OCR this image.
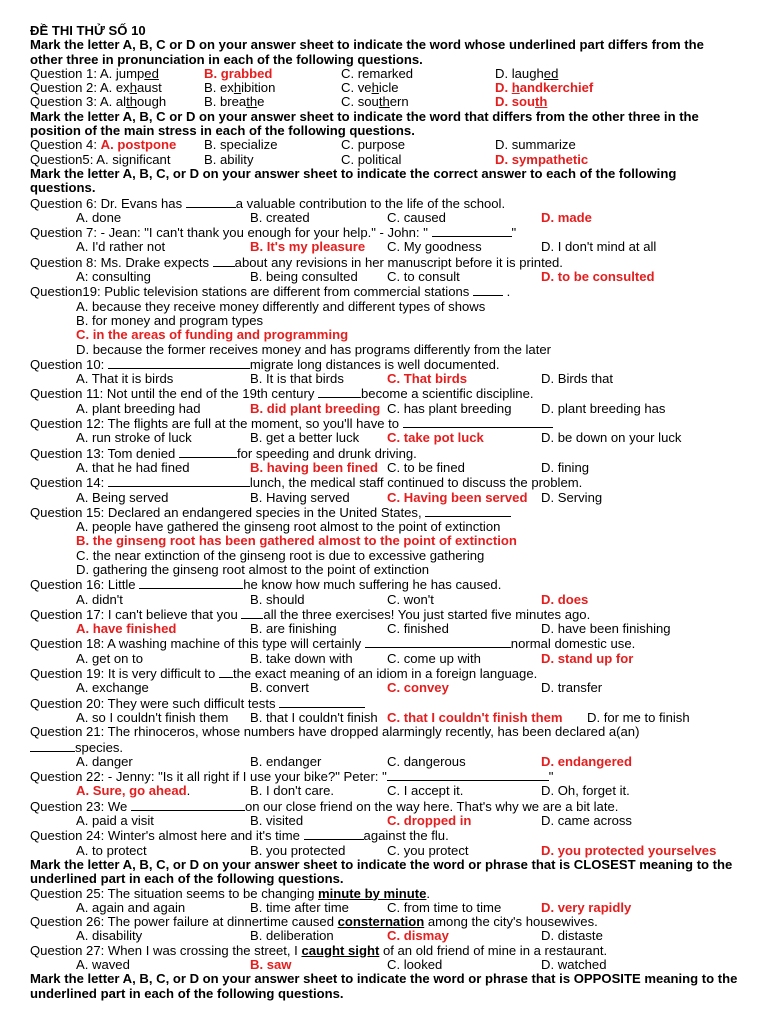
ĐỀ THI THỬ SỐ 10
Mark the letter A, B, C or D on your answer sheet to indicate the word whose underlined part differs from the other three in pronunciation in each of the following questions.
Question 1: A. jumped	B. grabbed	C. remarked	D. laughed
Question 2: A. exhaust	B. exhibition	C. vehicle	D. handkerchief
Question 3: A. although	B. breathe	C. southern	D. south
Mark the letter A, B, C or D on your answer sheet to indicate the word that differs from the other three in the position of the main stress in each of the following questions.
Question 4: A. postpone	B. specialize	C. purpose	D. summarize
Question5: A. significant	B. ability	C. political	D. sympathetic
Mark the letter A, B, C, or D on your answer sheet to indicate the correct answer to each of the following questions.
Question 6: Dr. Evans has	a valuable contribution to the life of the school.
A. done	B. created	C. caused	D. made
Question 7: - Jean: "I can't thank you enough for your help." - John: "	"
A. I'd rather not	B. It's my pleasure	C. My goodness	D. I don't mind at all
Question 8: Ms. Drake expects about any revisions in her manuscript before it is printed.
A: consulting	B. being consulted	C. to consult	D. to be consulted
Question19: Public television stations are different from commercial stations  .
A. because they receive money differently and different types of shows
B. for money and program types
C. in the areas of funding and programming
D. because the former receives money and has programs differently from the later
Question 10:	migrate long distances is well documented.
A. That it is birds	B. It is that birds	C. That birds	D. Birds that
Question 11: Not until the end of the 19th century	become a scientific discipline.
A. plant breeding had	B. did plant breeding C. has plant breeding	D. plant breeding has
Question 12: The flights are full at the moment, so you'll have to
A. run stroke of luck	B. get a better luck	C. take pot luck	D. be down on your luck
Question 13: Tom denied	for speeding and drunk driving.
A. that he had fined	B. having been fined C. to be fined	D. fining
Question 14:	lunch, the medical staff continued to discuss the problem.
A. Being served	B. Having served	C. Having been served	D. Serving
Question 15: Declared an endangered species in the United States,
A. people have gathered the ginseng root almost to the point of extinction
B. the ginseng root has been gathered almost to the point of extinction
C. the near extinction of the ginseng root is due to excessive gathering
D. gathering the ginseng root almost to the point of extinction
Question 16: Little	he know how much suffering he has caused.
A. didn't	B. should	C. won't	D. does
Question 17: I can't believe that you all the three exercises! You just started five minutes ago.
A. have finished	B. are finishing	C. finished	D. have been finishing
Question 18: A washing machine of this type will certainly	normal domestic use.
A. get on to	B. take down with	C. come up with	D. stand up for
Question 19: It is very difficult to the exact meaning of an idiom in a foreign language.
A. exchange	B. convert	C. convey	D. transfer
Question 20: They were such difficult tests
A. so I couldn't finish them	B. that I couldn't finish C. that I couldn't finish them	D. for me to finish
Question 21: The rhinoceros, whose numbers have dropped alarmingly recently, has been declared a(an)
species.
A. danger	B. endanger	C. dangerous	D. endangered
Question 22: - Jenny: "Is it all right if I use your bike?" Peter: "	"
A. Sure, go ahead.	B. I don't care.	C. I accept it.	D. Oh, forget it.
Question 23: We	on our close friend on the way here. That's why we are a bit late.
A. paid a visit	B. visited	C. dropped in	D. came across
Question 24: Winter's almost here and it's time	against the flu.
A. to protect	B. you protected	C. you protect	D. you protected yourselves
Mark the letter A, B, C, or D on your answer sheet to indicate the word or phrase that is CLOSEST meaning to the underlined part in each of the following questions.
Question 25: The situation seems to be changing minute by minute.
A. again and again	B. time after time	C. from time to time	D. very rapidly
Question 26: The power failure at dinnertime caused consternation among the city's housewives.
A. disability	B. deliberation	C. dismay	D. distaste
Question 27: When I was crossing the street, I caught sight of an old friend of mine in a restaurant.
A. waved	B. saw	C. looked	D. watched
Mark the letter A, B, C, or D on your answer sheet to indicate the word or phrase that is OPPOSITE meaning to the underlined part in each of the following questions.
